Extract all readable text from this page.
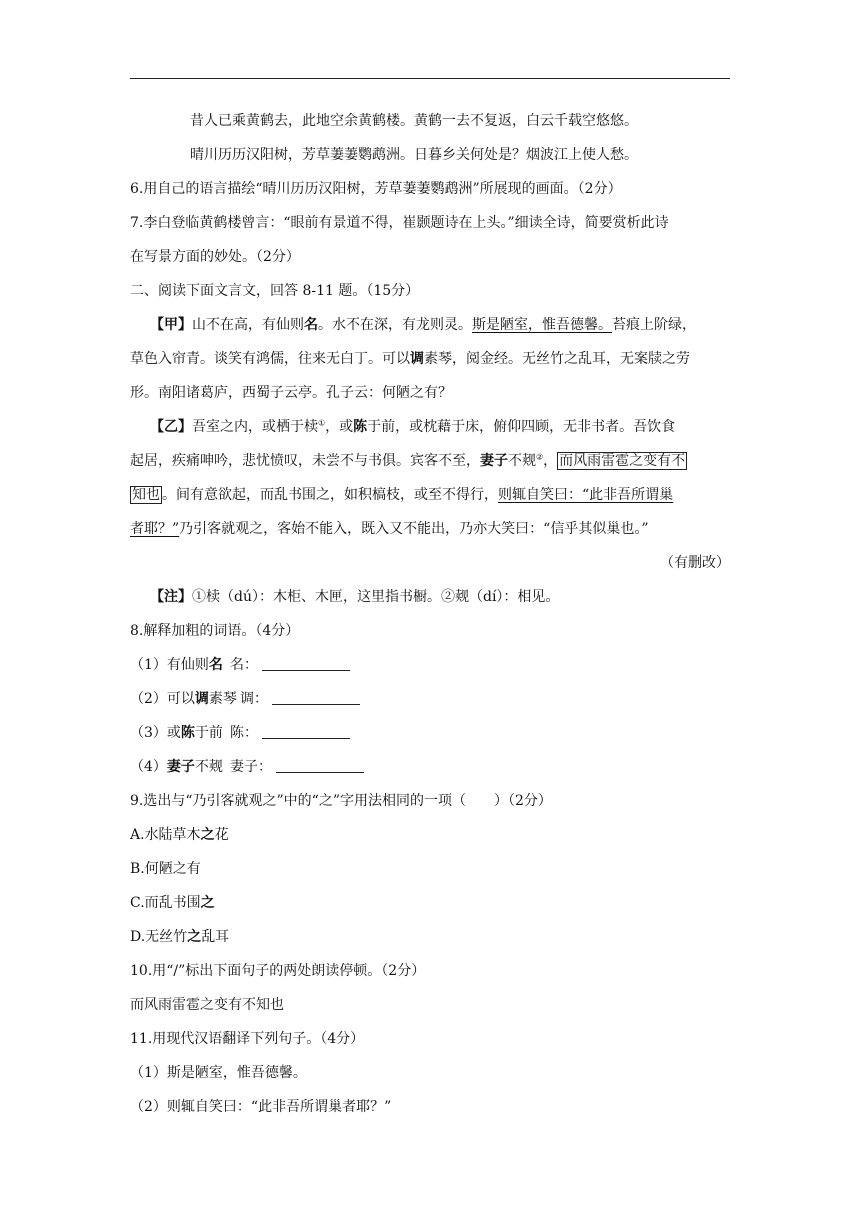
昔人已乘黄鹤去，此地空余黄鹤楼。黄鹤一去不复返，白云千载空悠悠。
晴川历历汉阳树，芳草萋萋鹦鹉洲。日暮乡关何处是？烟波江上使人愁。
6.用自己的语言描绘“晴川历历汉阳树，芳草萋萋鹦鹉洲”所展现的画面。（2分）
7.李白登临黄鹤楼曾言：“眼前有景道不得，崔颢题诗在上头。”细读全诗，简要赏析此诗
在写景方面的妙处。（2分）
二、阅读下面文言文，回答 8-11 题。（15分）
【甲】山不在高，有仙则名。水不在深，有龙则灵。斯是陋室，惟吾德馨。苔痕上阶绿，
草色入帘青。谈笑有鸿儒，往来无白丁。可以调素琴，阅金经。无丝竹之乱耳，无案牍之劳
形。南阳诸葛庐，西蜀子云亭。孔子云：何陋之有？
【乙】吾室之内，或栖于椟①，或陈于前，或枕藉于床，俯仰四顾，无非书者。吾饮食
起居，疾痛呻吟，悲忧愤叹，未尝不与书俱。宾客不至，妻子不觌②， 而风雨雷雹之变有不
知也 。间有意欲起，而乱书围之，如积槁枝，或至不得行，则辄自笑曰：“此非吾所谓巢
者耶？”乃引客就观之，客始不能入，既入又不能出，乃亦大笑曰：“信乎其似巢也。”
（有删改）
【注】①椟（dú）：木柜、木匣，这里指书橱。②觌（dí）：相见。
8.解释加粗的词语。（4分）
（1）有仙则名 名：
（2）可以调素琴 调：
（3）或陈于前 陈：
（4）妻子不觌 妻子：
9.选出与“乃引客就观之”中的“之”字用法相同的一项（　　）（2分）
A.水陆草木之花
B.何陋之有
C.而乱书围之
D.无丝竹之乱耳
10.用“/”标出下面句子的两处朗读停顿。（2分）
而风雨雷雹之变有不知也
11.用现代汉语翻译下列句子。（4分）
（1）斯是陋室，惟吾德馨。
（2）则辄自笑曰：“此非吾所谓巢者耶？”
